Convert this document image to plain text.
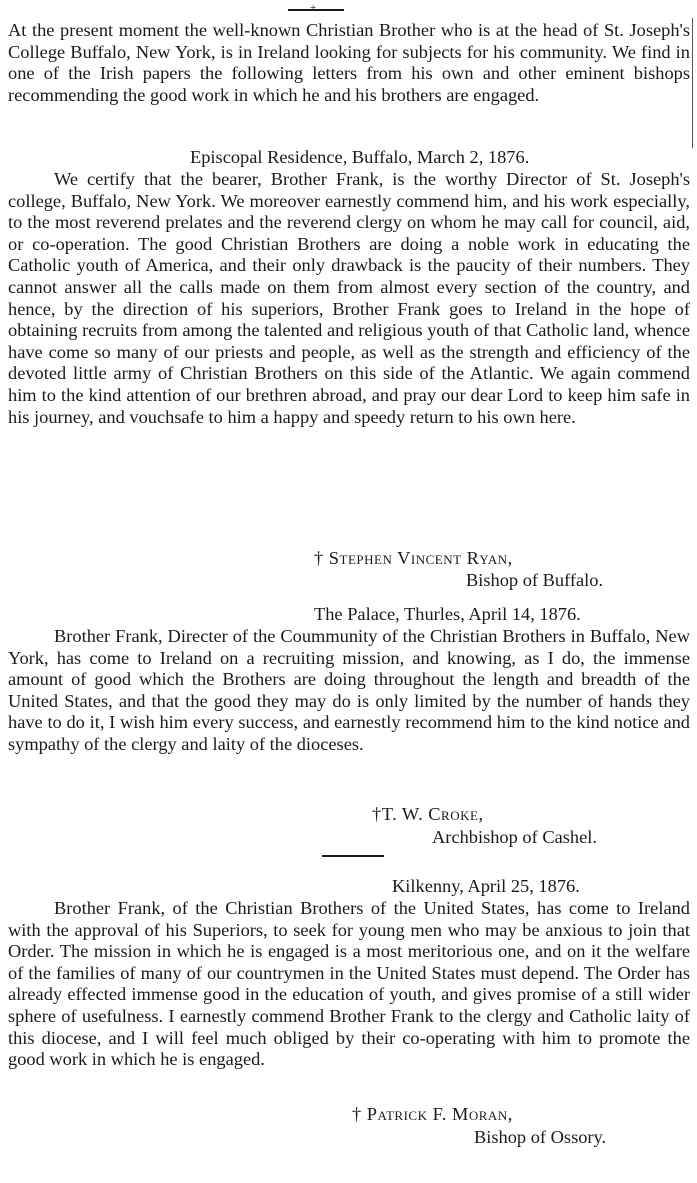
+

At the present moment the well-known Christian Brother who is at the head of St. Joseph's College Buffalo, New York, is in Ireland looking for subjects for his community. We find in one of the Irish papers the following letters from his own and other eminent bishops recommending the good work in which he and his brothers are engaged.

Episcopal Residence, Buffalo, March 2, 1876.

We certify that the bearer, Brother Frank, is the worthy Director of St. Joseph's college, Buffalo, New York. We moreover earnestly commend him, and his work especially, to the most reverend prelates and the reverend clergy on whom he may call for council, aid, or co-operation. The good Christian Brothers are doing a noble work in educating the Catholic youth of America, and their only drawback is the paucity of their numbers. They cannot answer all the calls made on them from almost every section of the country, and hence, by the direction of his superiors, Brother Frank goes to Ireland in the hope of obtaining recruits from among the talented and religious youth of that Catholic land, whence have come so many of our priests and people, as well as the strength and efficiency of the devoted little army of Christian Brothers on this side of the Atlantic. We again commend him to the kind attention of our brethren abroad, and pray our dear Lord to keep him safe in his journey, and vouchsafe to him a happy and speedy return to his own here.

† Stephen Vincent Ryan,
Bishop of Buffalo.
The Palace, Thurles, April 14, 1876.

Brother Frank, Directer of the Coummunity of the Christian Brothers in Buffalo, New York, has come to Ireland on a recruiting mission, and knowing, as I do, the immense amount of good which the Brothers are doing throughout the length and breadth of the United States, and that the good they may do is only limited by the number of hands they have to do it, I wish him every success, and earnestly recommend him to the kind notice and sympathy of the clergy and laity of the dioceses.

†T. W. Croke,
Archbishop of Cashel.
Kilkenny, April 25, 1876.

Brother Frank, of the Christian Brothers of the United States, has come to Ireland with the approval of his Superiors, to seek for young men who may be anxious to join that Order. The mission in which he is engaged is a most meritorious one, and on it the welfare of the families of many of our countrymen in the United States must depend. The Order has already effected immense good in the education of youth, and gives promise of a still wider sphere of usefulness. I earnestly commend Brother Frank to the clergy and Catholic laity of this diocese, and I will feel much obliged by their co-operating with him to promote the good work in which he is engaged.

† Patrick F. Moran,
Bishop of Ossory.
